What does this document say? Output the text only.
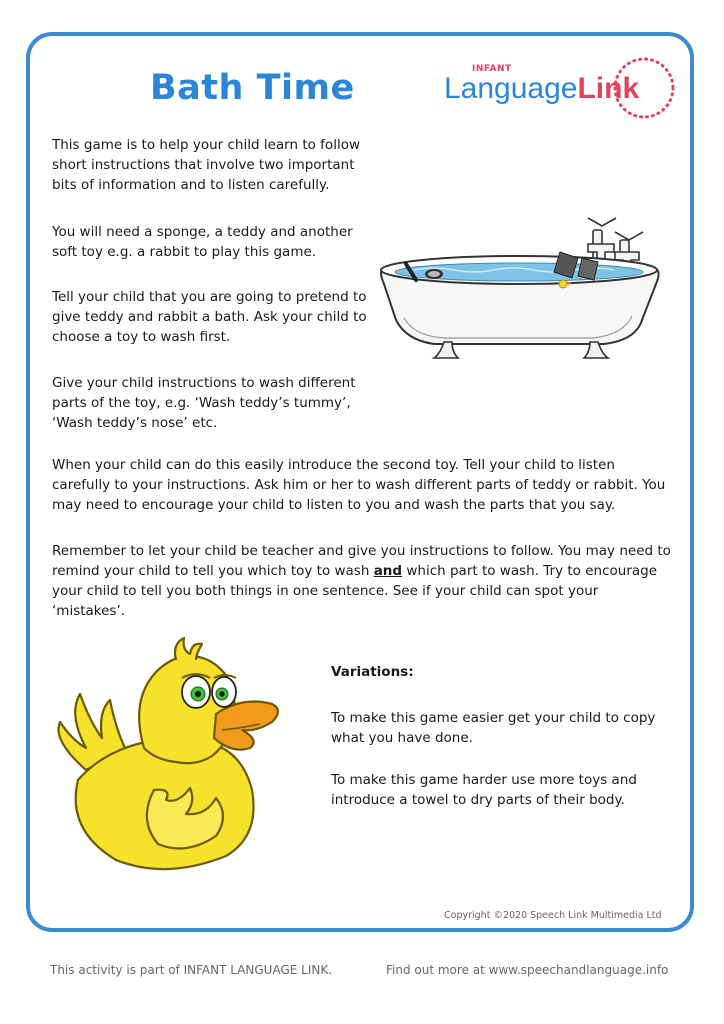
Bath Time	INFANT
LanguageLink

This game is to help your child learn to follow short instructions that involve two important bits of information and to listen carefully.

You will need a sponge, a teddy and another soft toy e.g. a rabbit to play this game.

Tell your child that you are going to pretend to give teddy and rabbit a bath. Ask your child to choose a toy to wash first.

Give your child instructions to wash different parts of the toy, e.g. ‘Wash teddy’s tummy’, ‘Wash teddy’s nose’ etc.

When your child can do this easily introduce the second toy. Tell your child to listen carefully to your instructions. Ask him or her to wash different parts of teddy or rabbit. You may need to encourage your child to listen to you and wash the parts that you say.

Remember to let your child be teacher and give you instructions to follow. You may need to remind your child to tell you which toy to wash and which part to wash. Try to encourage your child to tell you both things in one sentence. See if your child can spot your ‘mistakes’.

Variations:

To make this game easier get your child to copy what you have done.

To make this game harder use more toys and introduce a towel to dry parts of their body.

Copyright ©2020 Speech Link Multimedia Ltd
This activity is part of INFANT LANGUAGE LINK.	Find out more at www.speechandlanguage.info
